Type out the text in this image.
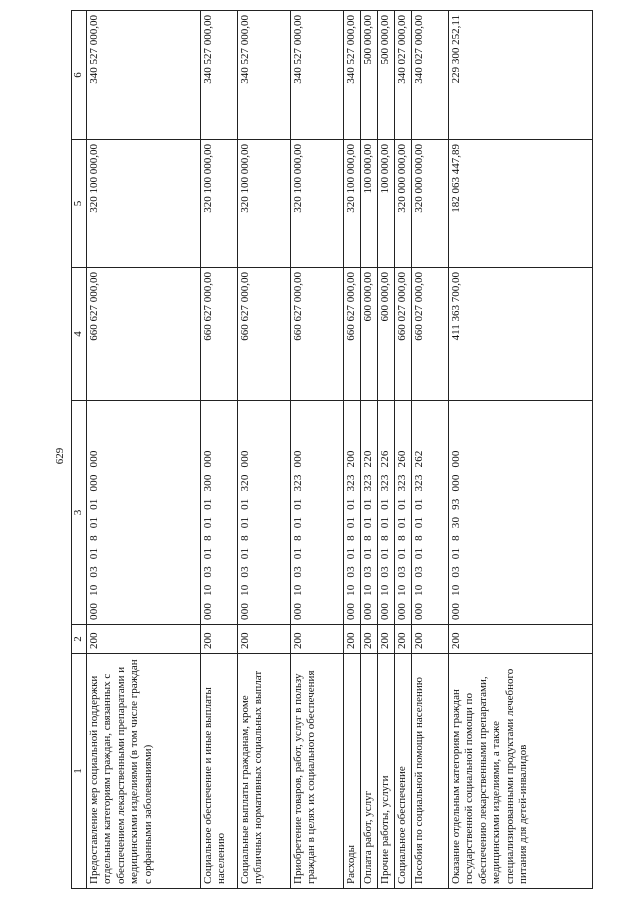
629
1	2	3	4	5	6
Предоставление мер социальной поддержки отдельным категориям граждан, связанных с обеспечением лекарственными препаратами и медицинскими изделиями (в том числе граждан с орфанными заболеваниями)	200	000 10 03 01 8 01 01 000 000	660 627 000,00	320 100 000,00	340 527 000,00
Социальное обеспечение и иные выплаты населению	200	000 10 03 01 8 01 01 300 000	660 627 000,00	320 100 000,00	340 527 000,00
Социальные выплаты гражданам, кроме публичных нормативных социальных выплат	200	000 10 03 01 8 01 01 320 000	660 627 000,00	320 100 000,00	340 527 000,00
Приобретение товаров, работ, услуг в пользу граждан в целях их социального обеспечения	200	000 10 03 01 8 01 01 323 000	660 627 000,00	320 100 000,00	340 527 000,00
Расходы	200	000 10 03 01 8 01 01 323 200	660 627 000,00	320 100 000,00	340 527 000,00
Оплата работ, услуг	200	000 10 03 01 8 01 01 323 220	600 000,00	100 000,00	500 000,00
Прочие работы, услуги	200	000 10 03 01 8 01 01 323 226	600 000,00	100 000,00	500 000,00
Социальное обеспечение	200	000 10 03 01 8 01 01 323 260	660 027 000,00	320 000 000,00	340 027 000,00
Пособия по социальной помощи населению	200	000 10 03 01 8 01 01 323 262	660 027 000,00	320 000 000,00	340 027 000,00
Оказание отдельным категориям граждан государственной социальной помощи по обеспечению лекарственными препаратами, медицинскими изделиями, а также специализированными продуктами лечебного питания для детей-инвалидов	200	000 10 03 01 8 30 93 000 000	411 363 700,00	182 063 447,89	229 300 252,11
